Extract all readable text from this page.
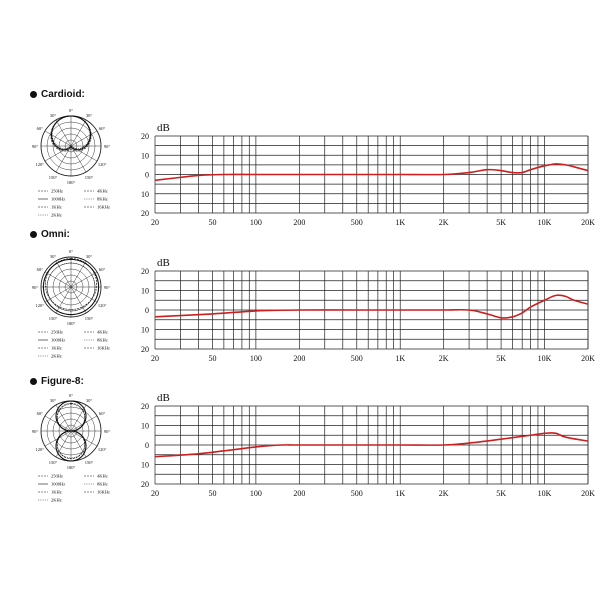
Cardioid:
Omni:
Figure-8:
20
10
0
10
20
20	50	100	200	500	1K	2K	5K	10K	20K
dB
20
10
0
10
20
20	50	100	200	500	1K	2K	5K	10K	20K
dB
20
10
0
10
20
20	50	100	200	500	1K	2K	5K	10K	20K
dB
0°
30°
60°
90°
120°
150°
180°
150°
120°
90°
60°
30°
250Hz	4KHz
1000Hz	8KHz
1KHz	16KHz
2KHz
0°
30°
60°
90°
120°
150°
180°
150°
120°
90°
60°
30°
250Hz	4KHz
1000Hz	8KHz
1KHz	16KHz
2KHz
0°
30°
60°
90°
120°
150°
180°
150°
120°
90°
60°
30°
250Hz	4KHz
1000Hz	8KHz
1KHz	16KHz
2KHz
